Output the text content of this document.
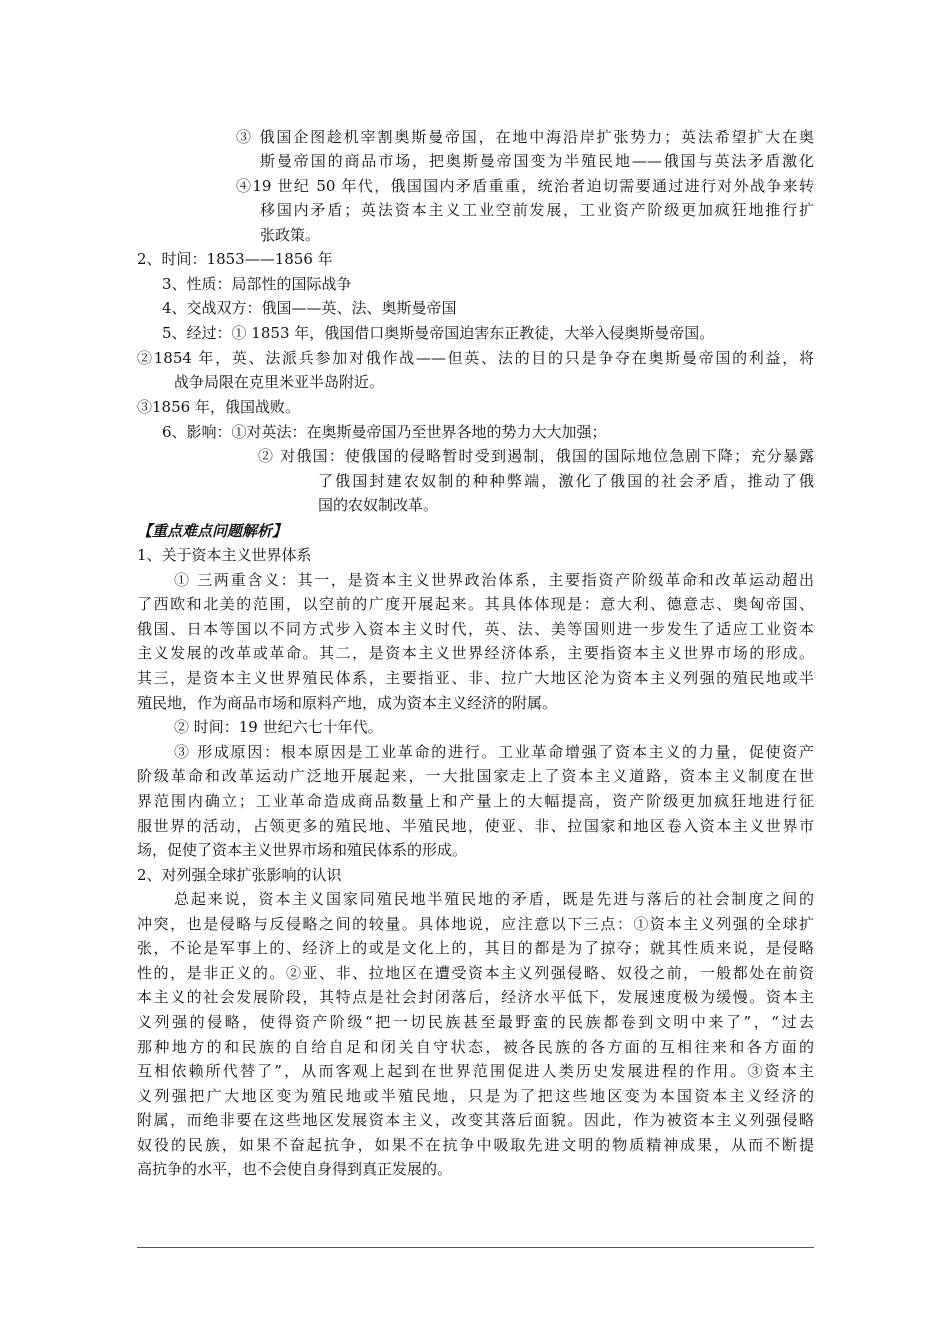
③ 俄国企图趁机宰割奥斯曼帝国，在地中海沿岸扩张势力；英法希望扩大在奥
斯曼帝国的商品市场，把奥斯曼帝国变为半殖民地——俄国与英法矛盾激化
④19 世纪 50 年代，俄国国内矛盾重重，统治者迫切需要通过进行对外战争来转
移国内矛盾；英法资本主义工业空前发展，工业资产阶级更加疯狂地推行扩
张政策。
2、时间：1853——1856 年
3、性质：局部性的国际战争
4、交战双方：俄国——英、法、奥斯曼帝国
5、经过：① 1853 年，俄国借口奥斯曼帝国迫害东正教徒，大举入侵奥斯曼帝国。
②1854 年，英、法派兵参加对俄作战——但英、法的目的只是争夺在奥斯曼帝国的利益，将
战争局限在克里米亚半岛附近。
③1856 年，俄国战败。
6、影响：①对英法：在奥斯曼帝国乃至世界各地的势力大大加强；
② 对俄国：使俄国的侵略暂时受到遏制，俄国的国际地位急剧下降；充分暴露
了俄国封建农奴制的种种弊端，激化了俄国的社会矛盾，推动了俄
国的农奴制改革。
【重点难点问题解析】
1、关于资本主义世界体系
① 三两重含义：其一，是资本主义世界政治体系，主要指资产阶级革命和改革运动超出
了西欧和北美的范围，以空前的广度开展起来。其具体体现是：意大利、德意志、奥匈帝国、
俄国、日本等国以不同方式步入资本主义时代，英、法、美等国则进一步发生了适应工业资本
主义发展的改革或革命。其二，是资本主义世界经济体系，主要指资本主义世界市场的形成。
其三，是资本主义世界殖民体系，主要指亚、非、拉广大地区沦为资本主义列强的殖民地或半
殖民地，作为商品市场和原料产地，成为资本主义经济的附属。
② 时间：19 世纪六七十年代。
③ 形成原因：根本原因是工业革命的进行。工业革命增强了资本主义的力量，促使资产
阶级革命和改革运动广泛地开展起来，一大批国家走上了资本主义道路，资本主义制度在世
界范围内确立；工业革命造成商品数量上和产量上的大幅提高，资产阶级更加疯狂地进行征
服世界的活动，占领更多的殖民地、半殖民地，使亚、非、拉国家和地区卷入资本主义世界市
场，促使了资本主义世界市场和殖民体系的形成。
2、对列强全球扩张影响的认识
总起来说，资本主义国家同殖民地半殖民地的矛盾，既是先进与落后的社会制度之间的
冲突，也是侵略与反侵略之间的较量。具体地说，应注意以下三点：①资本主义列强的全球扩
张，不论是军事上的、经济上的或是文化上的，其目的都是为了掠夺；就其性质来说，是侵略
性的，是非正义的。②亚、非、拉地区在遭受资本主义列强侵略、奴役之前，一般都处在前资
本主义的社会发展阶段，其特点是社会封闭落后，经济水平低下，发展速度极为缓慢。资本主
义列强的侵略，使得资产阶级“把一切民族甚至最野蛮的民族都卷到文明中来了”，“过去
那种地方的和民族的自给自足和闭关自守状态，被各民族的各方面的互相往来和各方面的
互相依赖所代替了”，从而客观上起到在世界范围促进人类历史发展进程的作用。③资本主
义列强把广大地区变为殖民地或半殖民地，只是为了把这些地区变为本国资本主义经济的
附属，而绝非要在这些地区发展资本主义，改变其落后面貌。因此，作为被资本主义列强侵略
奴役的民族，如果不奋起抗争，如果不在抗争中吸取先进文明的物质精神成果，从而不断提
高抗争的水平，也不会使自身得到真正发展的。
